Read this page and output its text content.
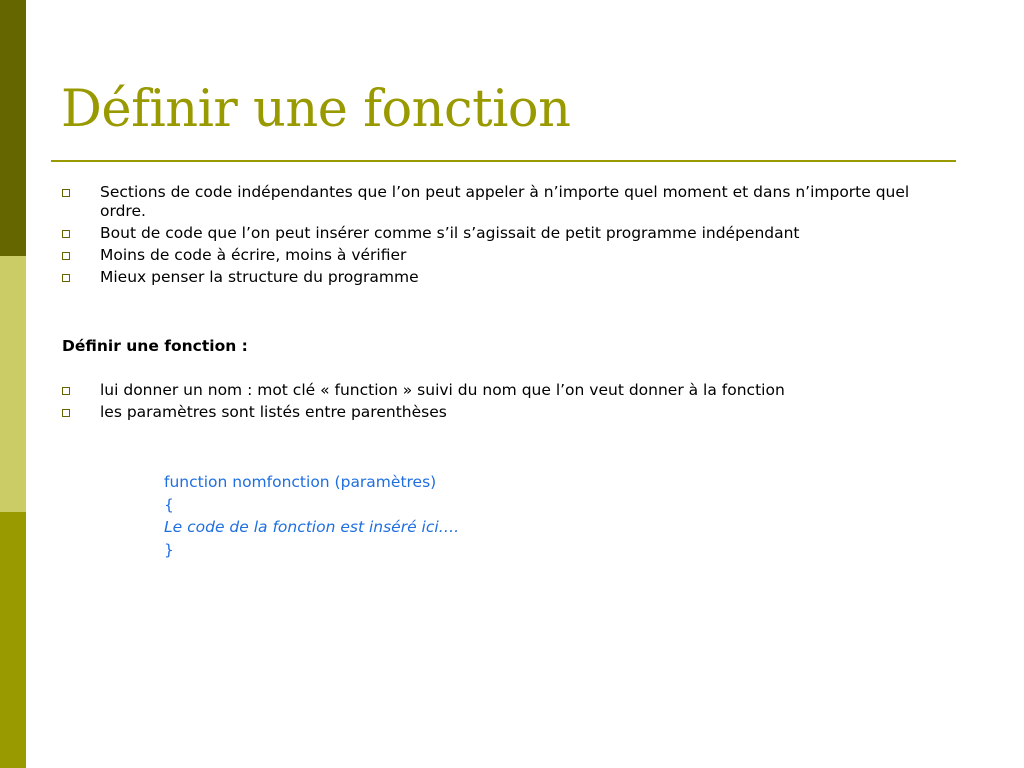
Définir une fonction
Sections de code indépendantes que l’on peut appeler à n’importe quel moment et dans n’importe quel ordre.
Bout de code que l’on peut insérer comme s’il s’agissait de petit programme indépendant
Moins de code à écrire, moins à vérifier
Mieux penser la structure du programme

Définir une fonction :

lui donner un nom : mot clé « function » suivi du nom que l’on veut donner à la fonction
les paramètres sont listés entre parenthèses
function nomfonction (paramètres)
{
Le code de la fonction est inséré ici….
}
